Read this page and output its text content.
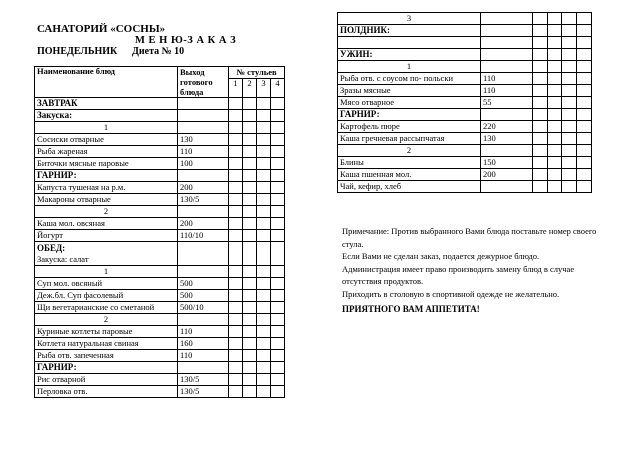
САНАТОРИЙ «СОСНЫ»
М Е Н Ю-З А К А З
ПОНЕДЕЛЬНИК Диета № 10
Наименование блюд	Выход готового блюда	№ стульев			
		1	2	3	4
ЗАВТРАК					
Закуска:					
1					
Сосиски отварные	130				
Рыба жареная	110				
Биточки мясные паровые	100				
ГАРНИР:					
Капуста тушеная на р.м.	200				
Макароны отварные	130/5				
2					
Каша мол. овсяная	200				
Йогурт	110/10				

ОБЕД:
Закуска: салат					

1					
Суп мол. овсяный	500				
Деж.бл. Суп фасолевый	500				
Щи вегетарианские со сметаной	500/10				
2					
Куриные котлеты паровые	110				
Котлета натуральная свиная	160				
Рыба отв. запеченная	110				
ГАРНИР:					
Рис отварной	130/5				
Перловка отв.	130/5				
3					
ПОЛДНИК:					

УЖИН:					
1					
Рыба отв. с соусом по- польски	110				
Зразы мясные	110				
Мясо отварное	55				
ГАРНИР:					
Картофель пюре	220				
Каша гречневая рассыпчатая	130				
2					
Блины	150				
Каша пшенная мол.	200				
Чай, кефир, хлеб					
Примечание: Против выбранного Вами блюда поставьте номер своего стула.
Если Вами не сделан заказ, подается дежурное блюдо.
Администрация имеет право производить замену блюд в случае отсутствия продуктов.
Приходить в столовую в спортивной одежде не желательно.
ПРИЯТНОГО ВАМ АППЕТИТА!
